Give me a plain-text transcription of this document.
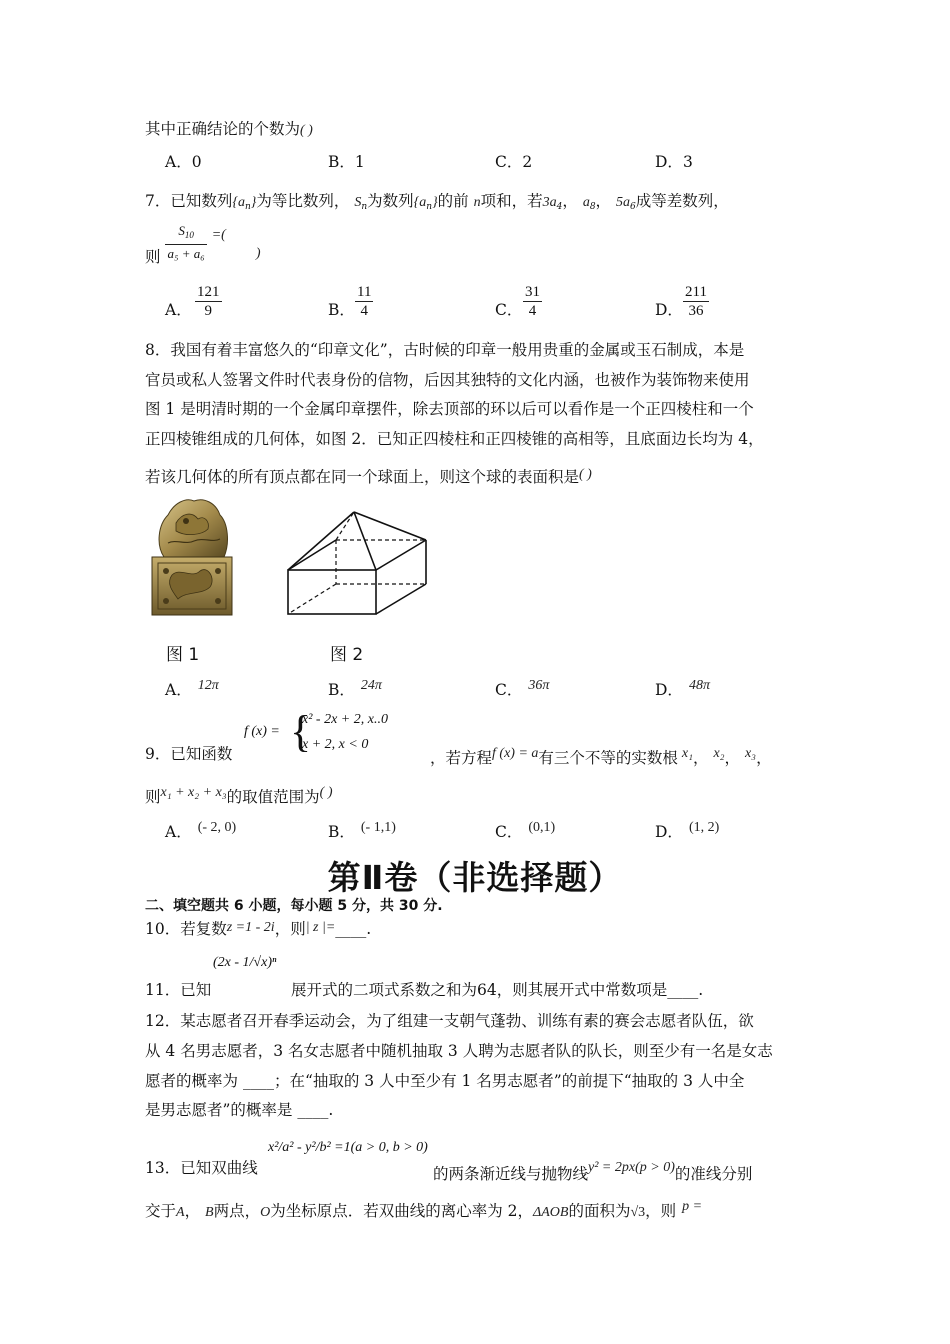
其中正确结论的个数为( )
A．0	B．1	C．2	D．3
7．已知数列$\{a_n\}$为等比数列， $S_n$为数列$\{a_n\}$的前 n项和，若$3a_4$， $a_8$， $5a_6$成等差数列，
则 $\frac{S_{10}}{\text{a₅ + a₆}}$ =()
A． $\frac{121}{9}$	B． $\frac{11}{4}$	C． $\frac{31}{4}$	D． $\frac{211}{36}$
8．我国有着丰富悠久的“印章文化”，古时候的印章一般用贵重的金属或玉石制成，本是
官员或私人签署文件时代表身份的信物，后因其独特的文化内涵，也被作为装饰物来使用
图 1 是明清时期的一个金属印章摆件，除去顶部的环以后可以看作是一个正四棱柱和一个
正四棱锥组成的几何体，如图 2．已知正四棱柱和正四棱锥的高相等，且底面边长均为 4，
若该几何体的所有顶点都在同一个球面上，则这个球的表面积是( )
图 1	图 2
A． 12π	B． 24π	C． 36π	D． 48π
9．已知函数
f (x) = {
x² - 2x + 2, x..0
x + 2, x < 0
，若方程f (x) = a有三个不等的实数根 x₁， x₂， x₃，
则x₁ + x₂ + x₃的取值范围为( )
A． (- 2, 0)	B． (- 1,1)	C． (0,1)	D． (1, 2)
第Ⅱ卷（非选择题）
二、填空题共 6 小题，每小题 5 分，共 30 分.
10．若复数z =1 - 2i，则| z |=____.
11．已知
(2x - 1/√x)ⁿ
展开式的二项式系数之和为64，则其展开式中常数项是____.
12．某志愿者召开春季运动会，为了组建一支朝气蓬勃、训练有素的赛会志愿者队伍，欲
从 4 名男志愿者，3 名女志愿者中随机抽取 3 人聘为志愿者队的队长，则至少有一名是女志
愿者的概率为 ____；在“抽取的 3 人中至少有 1 名男志愿者”的前提下“抽取的 3 人中全
是男志愿者”的概率是 ____.
13．已知双曲线
x²/a² - y²/b² =1(a > 0, b > 0)
的两条渐近线与抛物线y² = 2px(p > 0)的准线分别
交于A， B两点，O为坐标原点．若双曲线的离心率为 2，ΔAOB的面积为√3，则 p =
